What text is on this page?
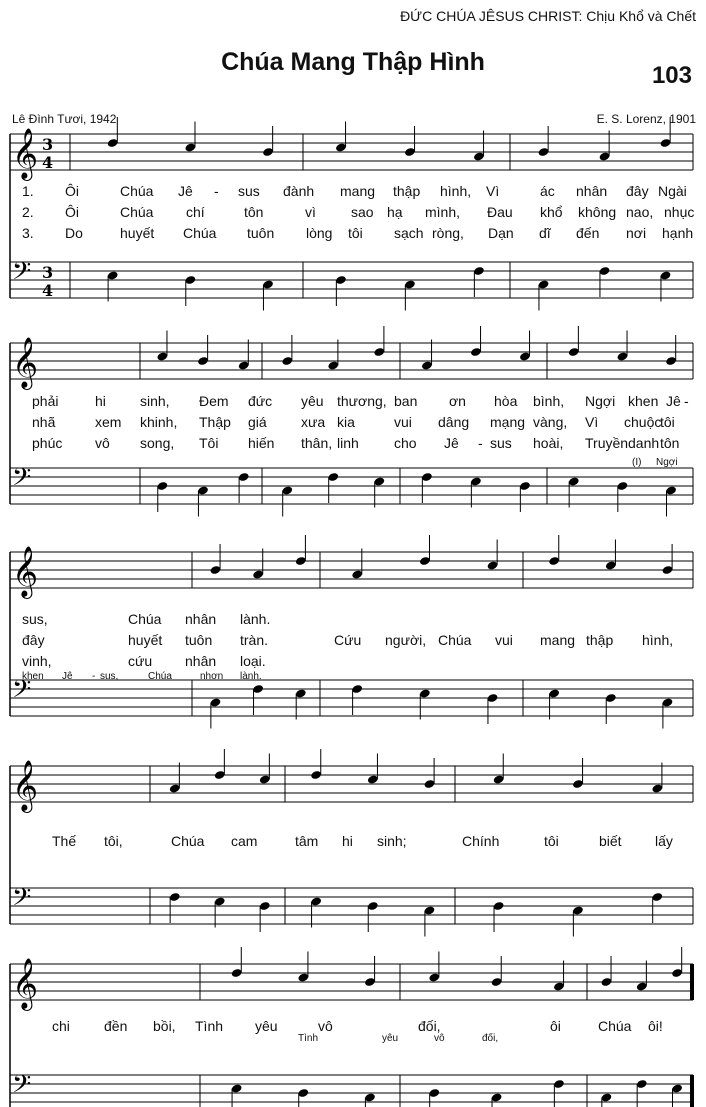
ĐỨC CHÚA JÊSUS CHRIST: Chịu Khổ và Chết
Chúa Mang Thập Hình	103
Lê Đình Tươi, 1942	E. S. Lorenz, 1901
𝄞
𝄢
𝄞
𝄢
𝄞
𝄢
𝄞
𝄢
𝄞
𝄢
3
4
3
4
1. Ôi	Chúa Jê - sus đành mang thập hình, Vì	ác nhân đây Ngài
2. Ôi	Chúa chí	tôn	vì	sao hạ mình, Đau khổ không nao, nhục
3. Do	huyết Chúa tuôn lòng tôi sạch ròng, Dạn dĩ đến nơi hạnh
phải	hi sinh, Đem đức yêu thương, ban ơn hòa bình, Ngợi khen Jê -
nhã	xem khinh, Thập giá xưa kia	vui dâng mạng vàng, Vì chuộc
tôi
phúc vô song, Tôi hiến thân, linh	cho Jê - sus hoài, Truyền danh tôn
(I) Ngợi
sus,	Chúa nhân lành.
đây	huyết tuôn tràn.	Cứu người, Chúa vui mang thập hình,
vinh,	cứu nhân loại.
khen Jê - sus,	Chúa	nhơn lành.
Thế tôi,	Chúa cam	tâm hi sinh;	Chính	tôi	biết lấy
chi đền bồi, Tình yêu	vô	đối,	ôi	Chúa ôi!
Tình	yêu	vô	đối,
